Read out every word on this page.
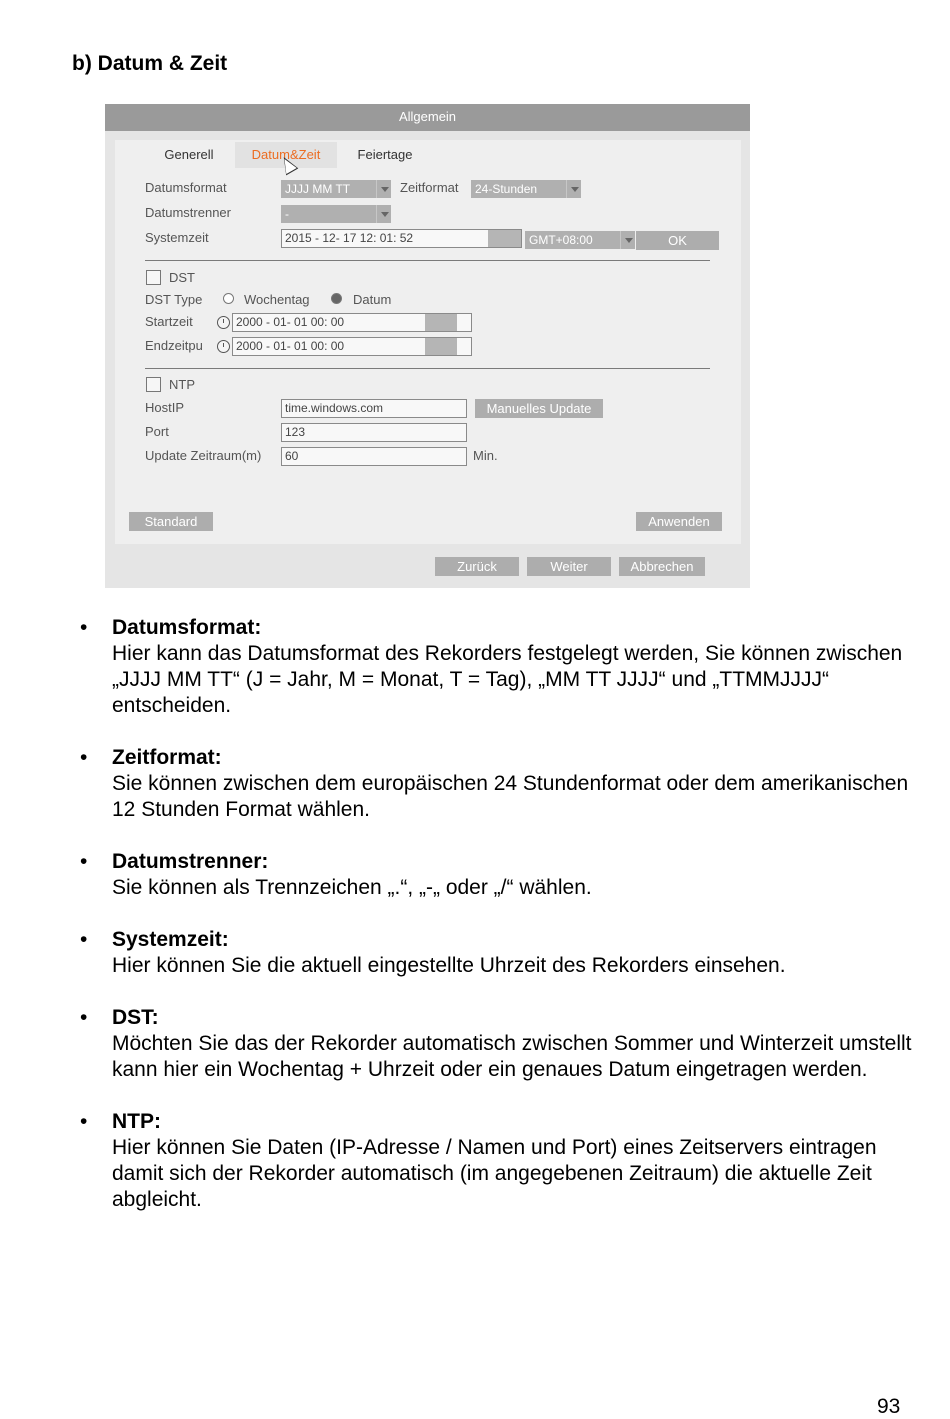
b) Datum & Zeit
Allgemein
Generell	Datum&Zeit	Feiertage
Datumsformat	JJJJ MM TT	Zeitformat	24-Stunden
Datumstrenner	-
Systemzeit	2015 - 12- 17 12: 01: 52	GMT+08:00	OK
DST
DST Type	Wochentag	Datum
Startzeit	2000 - 01- 01 00: 00
Endzeitpu	2000 - 01- 01 00: 00
NTP
HostIP	time.windows.com	Manuelles Update
Port	123
Update Zeitraum(m)	60	Min.
Standard	Anwenden
Zurück	Weiter	Abbrechen
• Datumsformat:
Hier kann das Datumsformat des Rekorders festgelegt werden, Sie können zwischen „JJJJ MM TT“ (J = Jahr, M = Monat, T = Tag), „MM TT JJJJ“ und „TTMMJJJJ“ entscheiden.
• Zeitformat:
Sie können zwischen dem europäischen 24 Stundenformat oder dem amerikanischen 12 Stunden Format wählen.
• Datumstrenner:
Sie können als Trennzeichen „.“, „-„ oder „/“ wählen.
• Systemzeit:
Hier können Sie die aktuell eingestellte Uhrzeit des Rekorders einsehen.
• DST:
Möchten Sie das der Rekorder automatisch zwischen Sommer und Winterzeit umstellt kann hier ein Wochentag + Uhrzeit oder ein genaues Datum eingetragen werden.
• NTP:
Hier können Sie Daten (IP-Adresse / Namen und Port) eines Zeitservers eintragen damit sich der Rekorder automatisch (im angegebenen Zeitraum) die aktuelle Zeit abgleicht.
93
